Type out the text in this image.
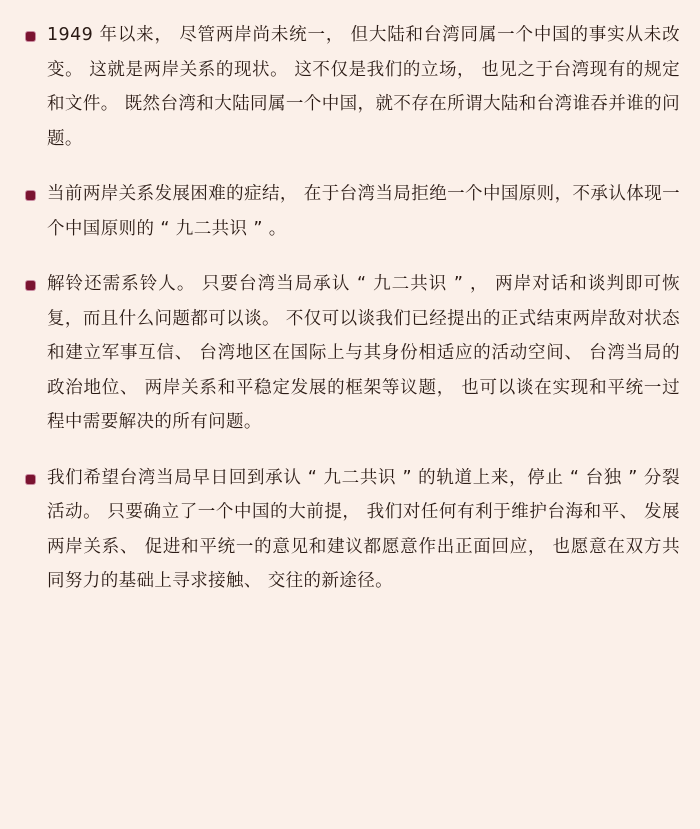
1949 年以来， 尽管两岸尚未统一， 但大陆和台湾同属一个中国的事实从未改变。 这就是两岸关系的现状。 这不仅是我们的立场， 也见之于台湾现有的规定和文件。 既然台湾和大陆同属一个中国，就不存在所谓大陆和台湾谁吞并谁的问题。

当前两岸关系发展困难的症结， 在于台湾当局拒绝一个中国原则，不承认体现一个中国原则的 “ 九二共识 ” 。

解铃还需系铃人。 只要台湾当局承认 “ 九二共识 ” ， 两岸对话和谈判即可恢复，而且什么问题都可以谈。 不仅可以谈我们已经提出的正式结束两岸敌对状态和建立军事互信、 台湾地区在国际上与其身份相适应的活动空间、 台湾当局的政治地位、 两岸关系和平稳定发展的框架等议题， 也可以谈在实现和平统一过程中需要解决的所有问题。

我们希望台湾当局早日回到承认 “ 九二共识 ” 的轨道上来，停止 “ 台独 ” 分裂活动。 只要确立了一个中国的大前提， 我们对任何有利于维护台海和平、 发展两岸关系、 促进和平统一的意见和建议都愿意作出正面回应， 也愿意在双方共同努力的基础上寻求接触、 交往的新途径。
